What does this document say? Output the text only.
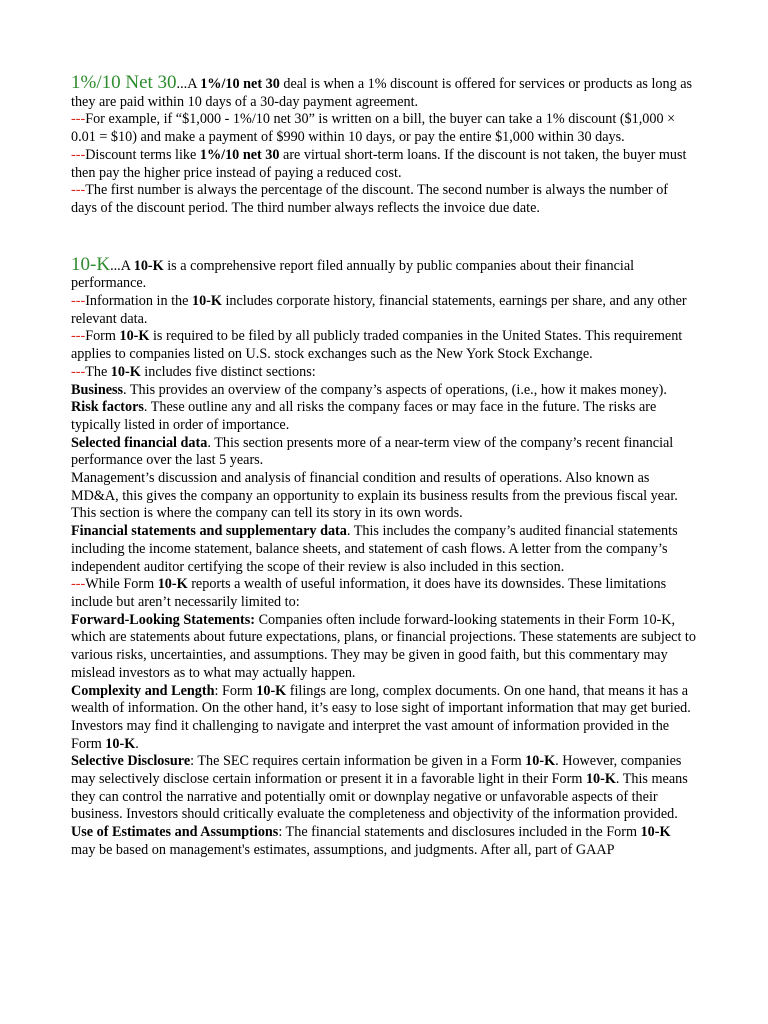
1%/10 Net 30...A 1%/10 net 30 deal is when a 1% discount is offered for services or products as long as they are paid within 10 days of a 30-day payment agreement.

---For example, if “$1,000 - 1%/10 net 30” is written on a bill, the buyer can take a 1% discount ($1,000 × 0.01 = $10) and make a payment of $990 within 10 days, or pay the entire $1,000 within 30 days.

---Discount terms like 1%/10 net 30 are virtual short-term loans. If the discount is not taken, the buyer must then pay the higher price instead of paying a reduced cost.

---The first number is always the percentage of the discount. The second number is always the number of days of the discount period. The third number always reflects the invoice due date.

10-K...A 10-K is a comprehensive report filed annually by public companies about their financial performance.

---Information in the 10-K includes corporate history, financial statements, earnings per share, and any other relevant data.

---Form 10-K is required to be filed by all publicly traded companies in the United States. This requirement applies to companies listed on U.S. stock exchanges such as the New York Stock Exchange.

---The 10-K includes five distinct sections:

Business. This provides an overview of the company’s aspects of operations, (i.e., how it makes money).

Risk factors. These outline any and all risks the company faces or may face in the future. The risks are typically listed in order of importance.

Selected financial data. This section presents more of a near-term view of the company’s recent financial performance over the last 5 years.

Management’s discussion and analysis of financial condition and results of operations. Also known as MD&A, this gives the company an opportunity to explain its business results from the previous fiscal year. This section is where the company can tell its story in its own words.

Financial statements and supplementary data. This includes the company’s audited financial statements including the income statement, balance sheets, and statement of cash flows. A letter from the company’s independent auditor certifying the scope of their review is also included in this section.

---While Form 10-K reports a wealth of useful information, it does have its downsides. These limitations include but aren’t necessarily limited to:

Forward-Looking Statements: Companies often include forward-looking statements in their Form 10-K, which are statements about future expectations, plans, or financial projections. These statements are subject to various risks, uncertainties, and assumptions. They may be given in good faith, but this commentary may mislead investors as to what may actually happen.

Complexity and Length: Form 10-K filings are long, complex documents. On one hand, that means it has a wealth of information. On the other hand, it’s easy to lose sight of important information that may get buried. Investors may find it challenging to navigate and interpret the vast amount of information provided in the Form 10-K.

Selective Disclosure: The SEC requires certain information be given in a Form 10-K. However, companies may selectively disclose certain information or present it in a favorable light in their Form 10-K. This means they can control the narrative and potentially omit or downplay negative or unfavorable aspects of their business. Investors should critically evaluate the completeness and objectivity of the information provided.

Use of Estimates and Assumptions: The financial statements and disclosures included in the Form 10-K may be based on management's estimates, assumptions, and judgments. After all, part of GAAP
